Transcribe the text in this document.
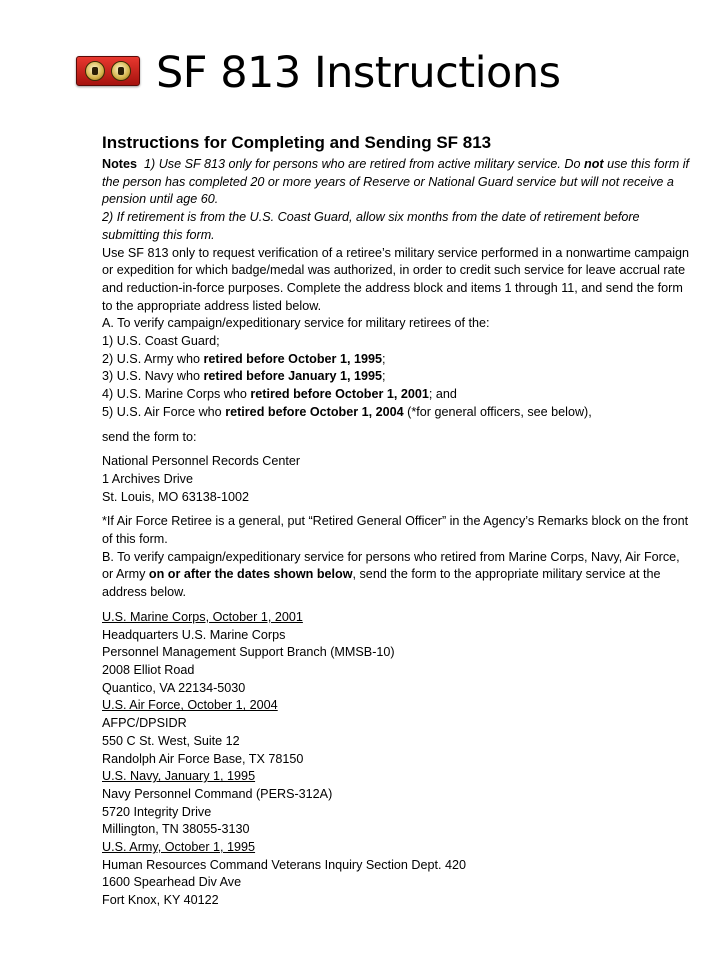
SF 813 Instructions
Instructions for Completing and Sending SF 813

Notes 1) Use SF 813 only for persons who are retired from active military service. Do not use this form if the person has completed 20 or more years of Reserve or National Guard service but will not receive a pension until age 60.

2) If retirement is from the U.S. Coast Guard, allow six months from the date of retirement before submitting this form.

Use SF 813 only to request verification of a retiree’s military service performed in a nonwartime campaign or expedition for which badge/medal was authorized, in order to credit such service for leave accrual rate and reduction-in-force purposes. Complete the address block and items 1 through 11, and send the form to the appropriate address listed below.

A. To verify campaign/expeditionary service for military retirees of the:

1) U.S. Coast Guard;

2) U.S. Army who retired before October 1, 1995;

3) U.S. Navy who retired before January 1, 1995;

4) U.S. Marine Corps who retired before October 1, 2001; and

5) U.S. Air Force who retired before October 1, 2004 (*for general officers, see below),

send the form to:

National Personnel Records Center

1 Archives Drive

St. Louis, MO 63138-1002

*If Air Force Retiree is a general, put “Retired General Officer” in the Agency’s Remarks block on the front of this form.

B. To verify campaign/expeditionary service for persons who retired from Marine Corps, Navy, Air Force, or Army on or after the dates shown below, send the form to the appropriate military service at the address below.

U.S. Marine Corps, October 1, 2001

Headquarters U.S. Marine Corps

Personnel Management Support Branch (MMSB-10)

2008 Elliot Road

Quantico, VA 22134-5030

U.S. Air Force, October 1, 2004

AFPC/DPSIDR

550 C St. West, Suite 12

Randolph Air Force Base, TX 78150

U.S. Navy, January 1, 1995

Navy Personnel Command (PERS-312A)

5720 Integrity Drive

Millington, TN 38055-3130

U.S. Army, October 1, 1995

Human Resources Command Veterans Inquiry Section Dept. 420

1600 Spearhead Div Ave

Fort Knox, KY 40122
